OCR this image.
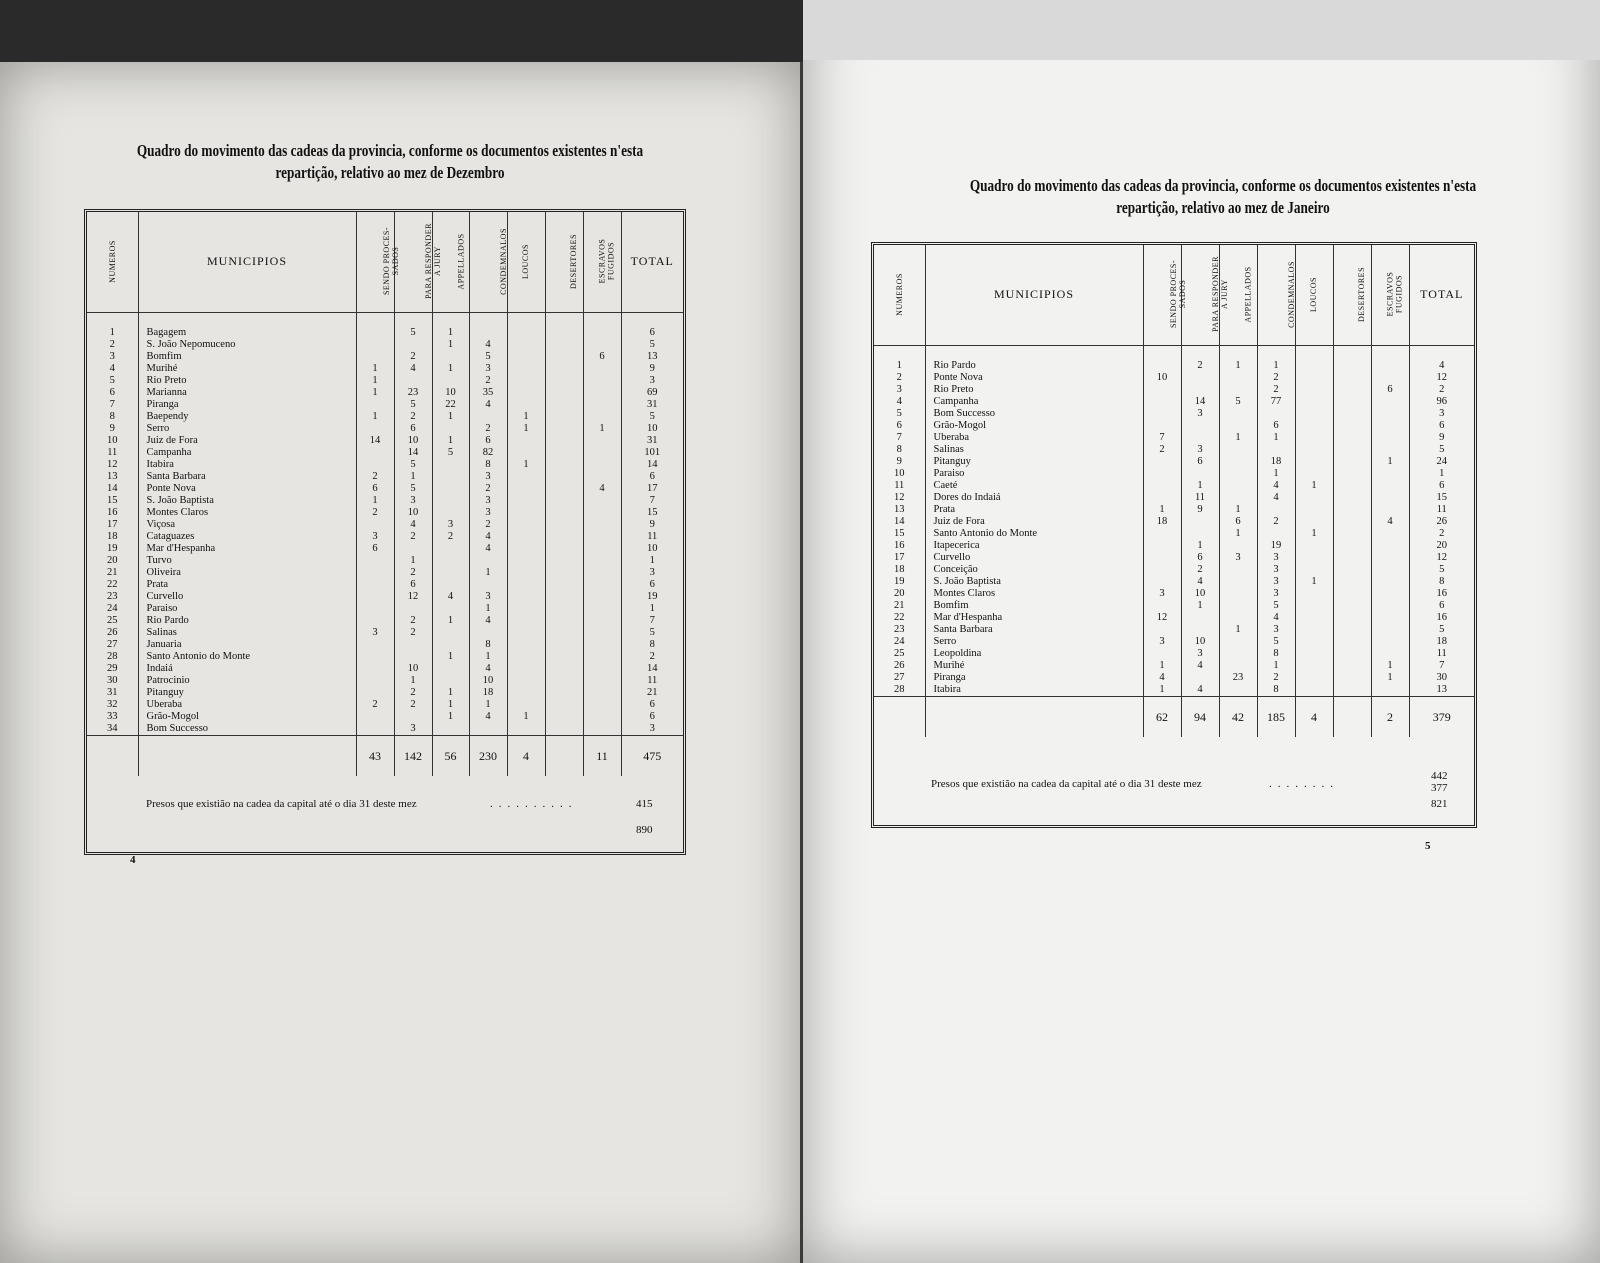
Quadro do movimento das cadeas da provincia, conforme os documentos existentes n'esta
repartição, relativo ao mez de Dezembro
NUMEROS	MUNICIPIOS	SENDO PROCES-
SADOS	PARA RESPONDER
A JURY	APPELLADOS	CONDEMNALOS	LOUCOS	DESERTORES	ESCRAVOS
FUGIDOS	TOTAL

1	Bagagem		5	1					6
2	S. João Nepomuceno			1	4				5
3	Bomfim		2		5			6	13
4	Murihé	1	4	1	3				9
5	Rio Preto	1			2				3
6	Marianna	1	23	10	35				69
7	Piranga		5	22	4				31
8	Baependy	1	2	1		1			5
9	Serro		6		2	1		1	10
10	Juiz de Fora	14	10	1	6				31
11	Campanha		14	5	82				101
12	Itabira		5		8	1			14
13	Santa Barbara	2	1		3				6
14	Ponte Nova	6	5		2			4	17
15	S. João Baptista	1	3		3				7
16	Montes Claros	2	10		3				15
17	Viçosa		4	3	2				9
18	Cataguazes	3	2	2	4				11
19	Mar d'Hespanha	6			4				10
20	Turvo		1						1
21	Oliveira		2		1				3
22	Prata		6						6
23	Curvello		12	4	3				19
24	Paraiso				1				1
25	Rio Pardo		2	1	4				7
26	Salinas	3	2						5
27	Januaria				8				8
28	Santo Antonio do Monte			1	1				2
29	Indaiá		10		4				14
30	Patrocinio		1		10				11
31	Pitanguy		2	1	18				21
32	Uberaba	2	2	1	1				6
33	Grão-Mogol			1	4	1			6
34	Bom Successo		3						3
		43	142	56	230	4		11	475
Presos que existião na cadea da capital até o dia 31 deste mez	..........	415
890
4
Quadro do movimento das cadeas da provincia, conforme os documentos existentes n'esta
repartição, relativo ao mez de Janeiro
NUMEROS	MUNICIPIOS	SENDO PROCES-
SADOS	PARA RESPONDER
A JURY	APPELLADOS	CONDEMNALOS	LOUCOS	DESERTORES	ESCRAVOS
FUGIDOS	TOTAL

1	Rio Pardo		2	1	1				4
2	Ponte Nova	10			2				12
3	Rio Preto				2			6	2
4	Campanha		14	5	77				96
5	Bom Successo		3						3
6	Grão-Mogol				6				6
7	Uberaba	7		1	1				9
8	Salinas	2	3						5
9	Pitanguy		6		18			1	24
10	Paraiso				1				1
11	Caeté		1		4	1			6
12	Dores do Indaiá		11		4				15
13	Prata	1	9	1					11
14	Juiz de Fora	18		6	2			4	26
15	Santo Antonio do Monte			1		1			2
16	Itapecerica		1		19				20
17	Curvello		6	3	3				12
18	Conceição		2		3				5
19	S. João Baptista		4		3	1			8
20	Montes Claros	3	10		3				16
21	Bomfim		1		5				6
22	Mar d'Hespanha	12			4				16
23	Santa Barbara			1	3				5
24	Serro	3	10		5				18
25	Leopoldina		3		8				11
26	Murihé	1	4		1			1	7
27	Piranga	4		23	2			1	30
28	Itabira	1	4		8				13
		62	94	42	185	4		2	379
Presos que existião na cadea da capital até o dia 31 deste mez	........
442
377
821
5
